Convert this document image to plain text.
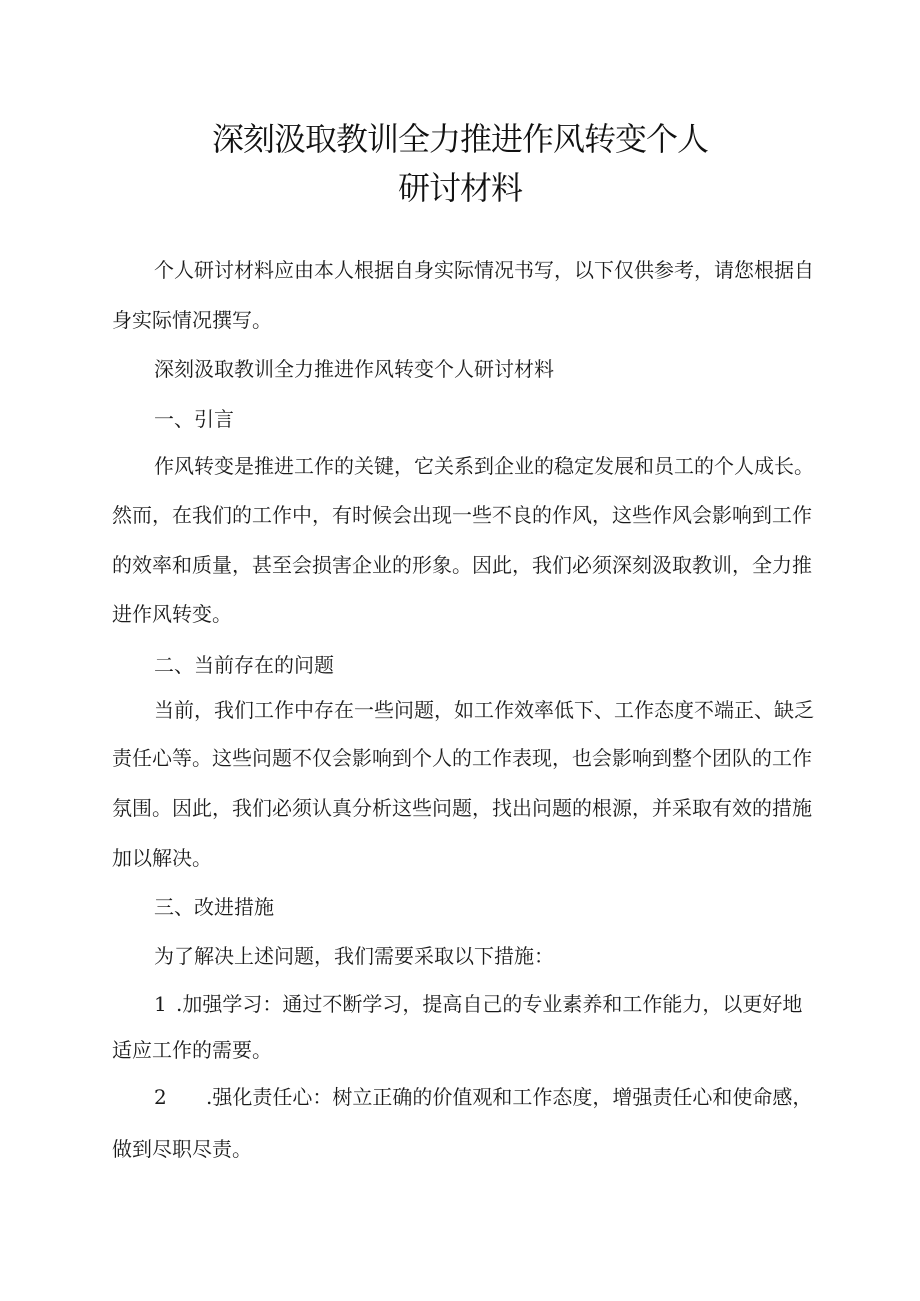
深刻汲取教训全力推进作风转变个人
研讨材料
个人研讨材料应由本人根据自身实际情况书写，以下仅供参考，请您根据自
身实际情况撰写。
深刻汲取教训全力推进作风转变个人研讨材料
一、引言
作风转变是推进工作的关键，它关系到企业的稳定发展和员工的个人成长。
然而，在我们的工作中，有时候会出现一些不良的作风，这些作风会影响到工作
的效率和质量，甚至会损害企业的形象。因此，我们必须深刻汲取教训，全力推
进作风转变。
二、当前存在的问题
当前，我们工作中存在一些问题，如工作效率低下、工作态度不端正、缺乏
责任心等。这些问题不仅会影响到个人的工作表现，也会影响到整个团队的工作
氛围。因此，我们必须认真分析这些问题，找出问题的根源，并采取有效的措施
加以解决。
三、改进措施
为了解决上述问题，我们需要采取以下措施：
1 .加强学习：通过不断学习，提高自己的专业素养和工作能力，以更好地
适应工作的需要。
2 .强化责任心：树立正确的价值观和工作态度，增强责任心和使命感，
做到尽职尽责。
